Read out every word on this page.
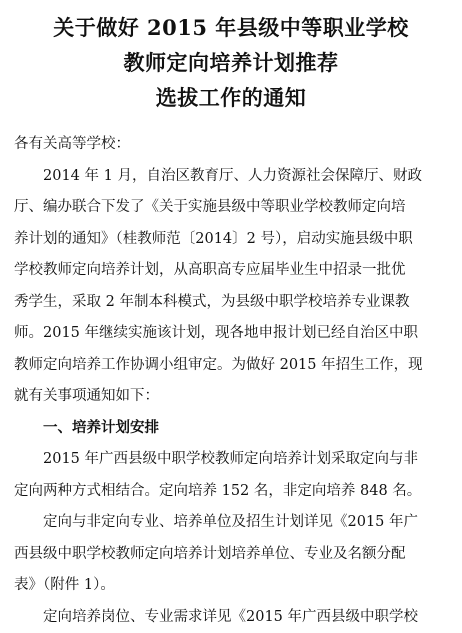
关于做好 2015 年县级中等职业学校

教师定向培养计划推荐

选拔工作的通知

各有关高等学校：

2014 年 1 月，自治区教育厅、人力资源社会保障厅、财政

厅、编办联合下发了《关于实施县级中等职业学校教师定向培

养计划的通知》（桂教师范〔2014〕2 号），启动实施县级中职

学校教师定向培养计划，从高职高专应届毕业生中招录一批优

秀学生，采取 2 年制本科模式，为县级中职学校培养专业课教

师。2015 年继续实施该计划，现各地申报计划已经自治区中职

教师定向培养工作协调小组审定。为做好 2015 年招生工作，现

就有关事项通知如下：

一、培养计划安排

2015 年广西县级中职学校教师定向培养计划采取定向与非

定向两种方式相结合。定向培养 152 名，非定向培养 848 名。

定向与非定向专业、培养单位及招生计划详见《2015 年广

西县级中职学校教师定向培养计划培养单位、专业及名额分配

表》（附件 1）。

定向培养岗位、专业需求详见《2015 年广西县级中职学校
